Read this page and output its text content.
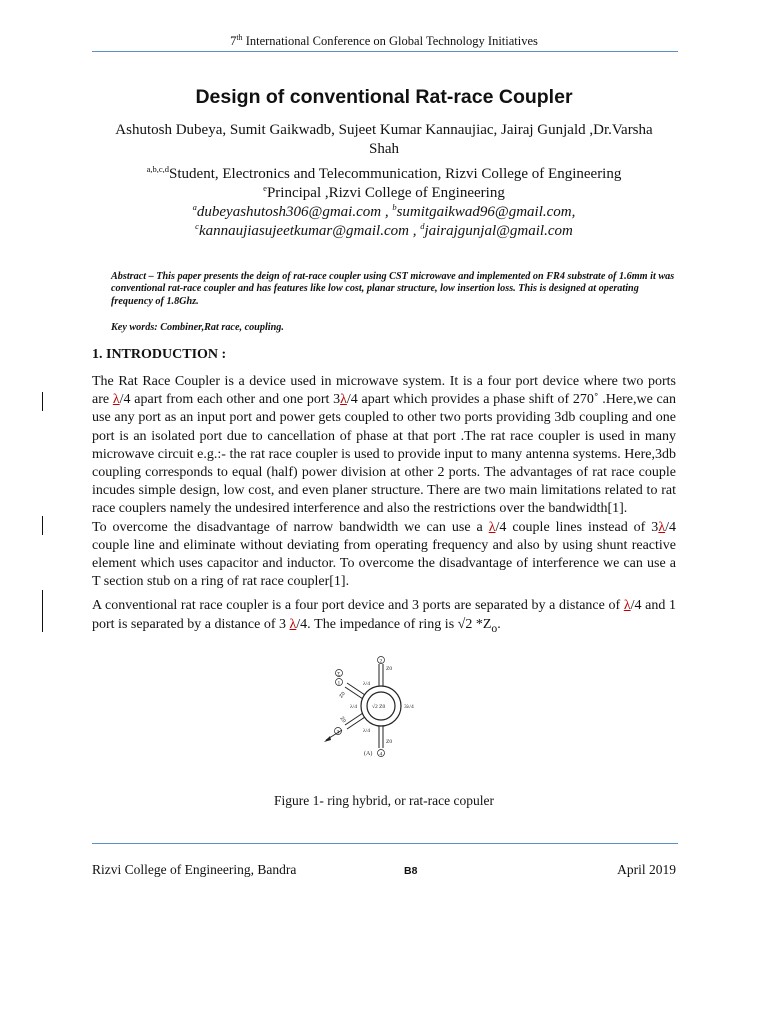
7th International Conference on Global Technology Initiatives
Design of conventional Rat-race Coupler
Ashutosh Dubeya, Sumit Gaikwadb, Sujeet Kumar Kannaujiac, Jairaj Gunjald ,Dr.Varsha
Shah
$^{a,b,c,d}$Student, Electronics and Telecommunication, Rizvi College of Engineering
$^e$Principal ,Rizvi College of Engineering
$^a$dubeyashutosh306@gmai.com , $^b$sumitgaikwad96@gmail.com,
$^c$kannaujiasujeetkumar@gmail.com , $^d$jairajgunjal@gmail.com
Abstract – This paper presents the deign of rat-race coupler using CST microwave and implemented on FR4 substrate of 1.6mm it was conventional rat-race coupler and has features like low cost, planar structure, low insertion loss. This is designed at operating frequency of 1.8Ghz.
Key words: Combiner,Rat race, coupling.
1. INTRODUCTION :

The Rat Race Coupler is a device used in microwave system. It is a four port device where two ports are λ/4 apart from each other and one port 3λ/4 apart which provides a phase shift of 270˚ .Here,we can use any port as an input port and power gets coupled to other two ports providing 3db coupling and one port is an isolated port due to cancellation of phase at that port .The rat race coupler is used in many microwave circuit e.g.:- the rat race coupler is used to provide input to many antenna systems. Here,3db coupling corresponds to equal (half) power division at other 2 ports. The advantages of rat race couple incudes simple design, low cost, and even planer structure. There are two main limitations related to rat race couplers namely the undesired interference and also the restrictions over the bandwidth[1].

To overcome the disadvantage of narrow bandwidth we can use a λ/4 couple lines instead of 3λ/4 couple line and eliminate without deviating from operating frequency and also by using shunt reactive element which uses capacitor and inductor. To overcome the disadvantage of interference we can use a T section stub on a ring of rat race coupler[1].

A conventional rat race coupler is a four port device and 3 ports are separated by a distance of λ/4 and 1 port is separated by a distance of 3 λ/4. The impedance of ring is √2 $*Z_o$.

2
4
Σ
1
3
(A)
Z0
Z0
Z0
Z0
λ/4
λ/4
λ/4
3λ/4
√2 Z0
Figure 1- ring hybrid, or rat-race copuler
Rizvi College of Engineering, Bandra	B8	April 2019
